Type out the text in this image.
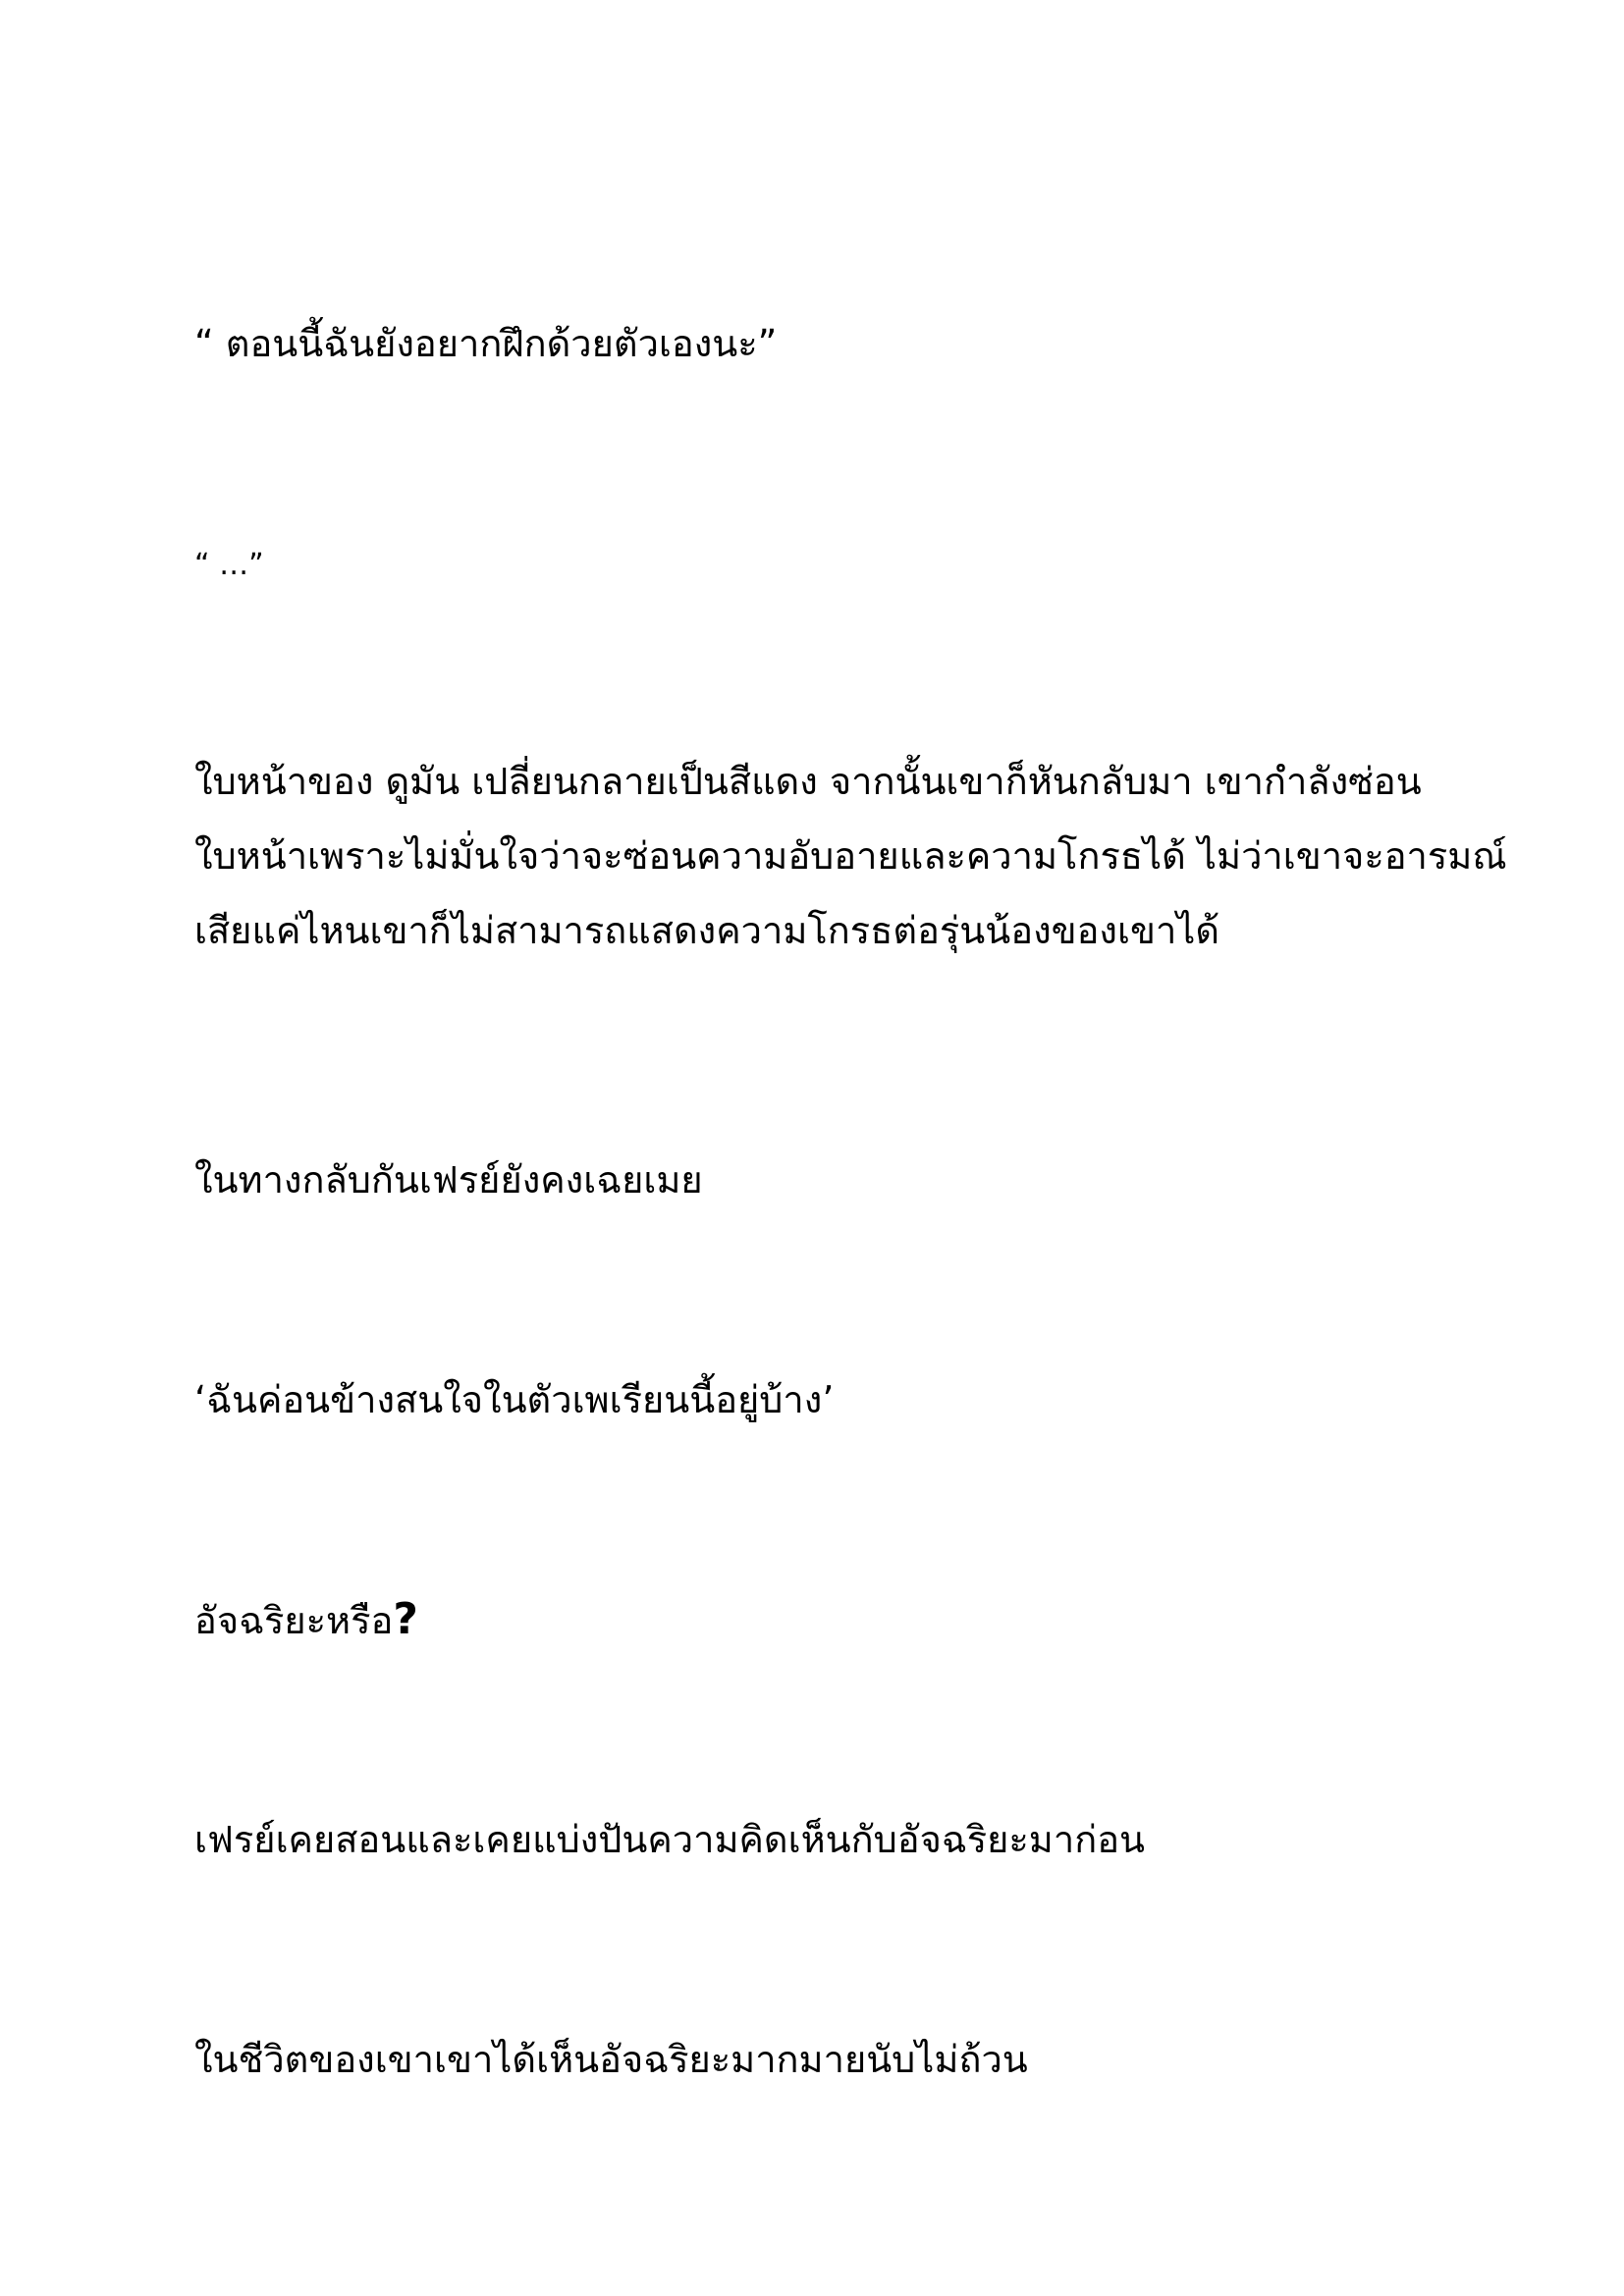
“ ตอนนี้ฉันยังอยากฝึกด้วยตัวเองนะ”

“ …”

ใบหน้าของ ดูมัน เปลี่ยนกลายเป็นสีแดง จากนั้นเขาก็หันกลับมา เขากำลังซ่อน
ใบหน้าเพราะไม่มั่นใจว่าจะซ่อนความอับอายและความโกรธได้ ไม่ว่าเขาจะอารมณ์
เสียแค่ไหนเขาก็ไม่สามารถแสดงความโกรธต่อรุ่นน้องของเขาได้

ในทางกลับกันเฟรย์ยังคงเฉยเมย

‘ฉันค่อนข้างสนใจในตัวเพเรียนนี้อยู่บ้าง’

อัจฉริยะหรือ?

เฟรย์เคยสอนและเคยแบ่งปันความคิดเห็นกับอัจฉริยะมาก่อน

ในชีวิตของเขาเขาได้เห็นอัจฉริยะมากมายนับไม่ถ้วน
